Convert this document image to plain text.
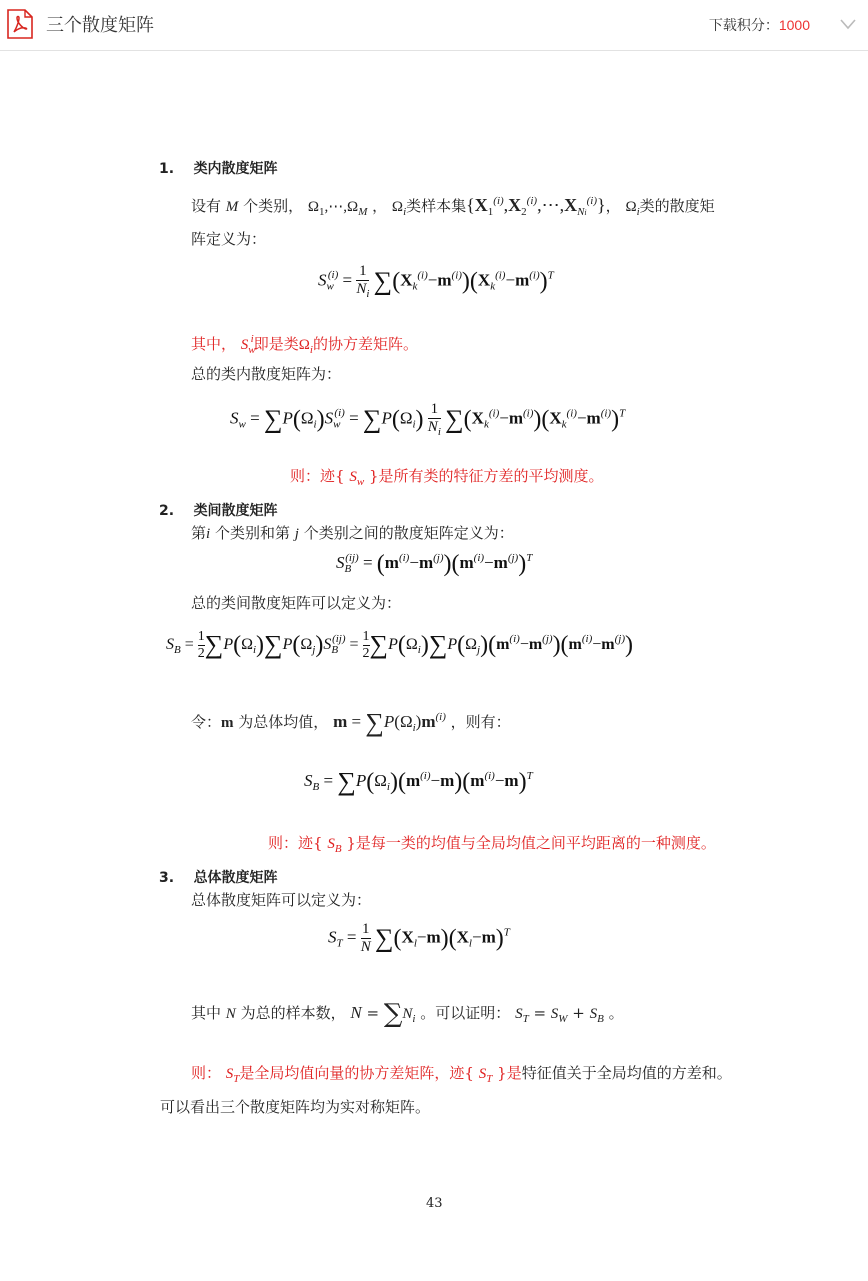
三个散度矩阵	下载积分：1000
1. 类内散度矩阵
设有 M 个类别， $\Omega_1,\cdots,\Omega_M$ ， $\Omega_i$类样本集$\{X_1^{(i)},X_2^{(i)},\cdots,X_{Ni}^{(i)}\}$， $\Omega_i$类的散度矩
阵定义为：
$S_w^{(i)} = \frac{1}{N_i} \sum(X_k^{(i)}-m^{(i)})(X_k^{(i)}-m^{(i)})^T$
其中， $S_w^i$即是类$\Omega_i$的协方差矩阵。
总的类内散度矩阵为：
$S_w = \sum P(\Omega_i)S_w^{(i)} = \sum P(\Omega_i) \frac{1}{N_i} \sum(X_k^{(i)}-m^{(i)})(X_k^{(i)}-m^{(i)})^T$
则：迹{ $S_w$ }是所有类的特征方差的平均测度。
2. 类间散度矩阵
第i 个类别和第 j 个类别之间的散度矩阵定义为：
$S_B^{(ij)} = (m^{(i)}-m^{(j)})(m^{(i)}-m^{(j)})^T$
总的类间散度矩阵可以定义为：
$S_B = 1$
$2\sum P(\Omega_i)\sum P(\Omega_j)S_B^{(ij)} = 1$
$2\sum P(\Omega_i)\sum P(\Omega_j)(m^{(i)}-m^{(j)})(m^{(i)}-m^{(j)})$
令：m 为总体均值， $m = \sum P(\Omega_i)m^{(i)}$ ，则有：
$S_B = \sum P(\Omega_i)(m^{(i)}-m)(m^{(i)}-m)^T$
则：迹{ $S_B$ }是每一类的均值与全局均值之间平均距离的一种测度。
3. 总体散度矩阵
总体散度矩阵可以定义为：
$S_T = \frac{1}{N} \sum(X_l-m)(X_l-m)^T$
其中 N 为总的样本数， $N = \sum N_i$ 。可以证明： $S_T = S_W + S_B$ 。
则： $S_T$是全局均值向量的协方差矩阵，迹{ $S_T$ }是特征值关于全局均值的方差和。
可以看出三个散度矩阵均为实对称矩阵。
43
